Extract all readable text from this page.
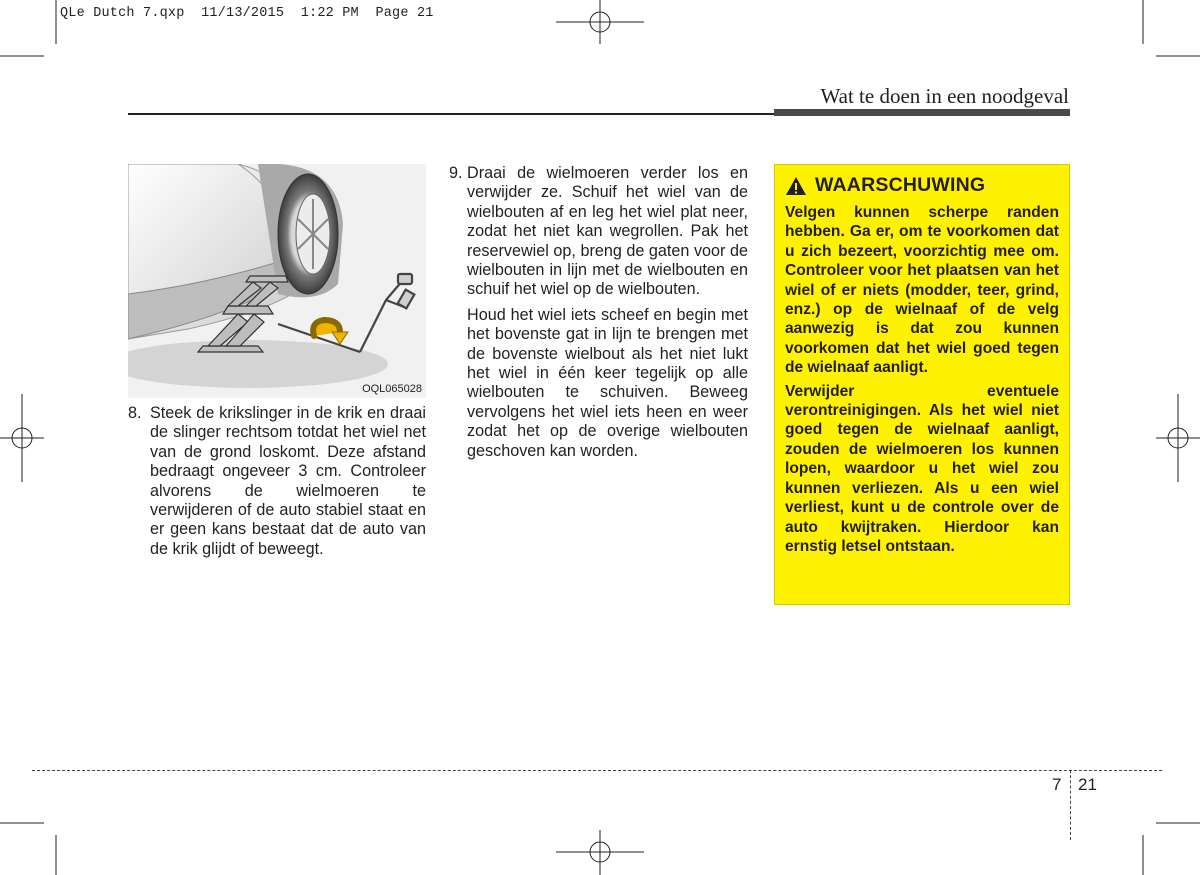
QLe Dutch 7.qxp  11/13/2015  1:22 PM  Page 21
Wat te doen in een noodgeval
OQL065028
8. Steek de krikslinger in de krik en draai de slinger rechtsom totdat het wiel net van de grond loskomt. Deze afstand bedraagt ongeveer 3 cm. Controleer alvorens de wielmoeren te verwijderen of de auto stabiel staat en er geen kans bestaat dat de auto van de krik glijdt of beweegt.
9. Draai de wielmoeren verder los en verwijder ze. Schuif het wiel van de wielbouten af en leg het wiel plat neer, zodat het niet kan wegrollen. Pak het reservewiel op, breng de gaten voor de wielbouten in lijn met de wielbouten en schuif het wiel op de wielbouten.
Houd het wiel iets scheef en begin met het bovenste gat in lijn te brengen met de bovenste wielbout als het niet lukt het wiel in één keer tegelijk op alle wielbouten te schuiven. Beweeg vervolgens het wiel iets heen en weer zodat het op de overige wielbouten geschoven kan worden.
WAARSCHUWING

Velgen kunnen scherpe randen hebben. Ga er, om te voorkomen dat u zich bezeert, voorzichtig mee om. Controleer voor het plaatsen van het wiel of er niets (modder, teer, grind, enz.) op de wielnaaf of de velg aanwezig is dat zou kunnen voorkomen dat het wiel goed tegen de wielnaaf aanligt.

Verwijder eventuele verontreinigingen. Als het wiel niet goed tegen de wielnaaf aanligt, zouden de wielmoeren los kunnen lopen, waardoor u het wiel zou kunnen verliezen. Als u een wiel verliest, kunt u de controle over de auto kwijtraken. Hierdoor kan ernstig letsel ontstaan.

7 21
